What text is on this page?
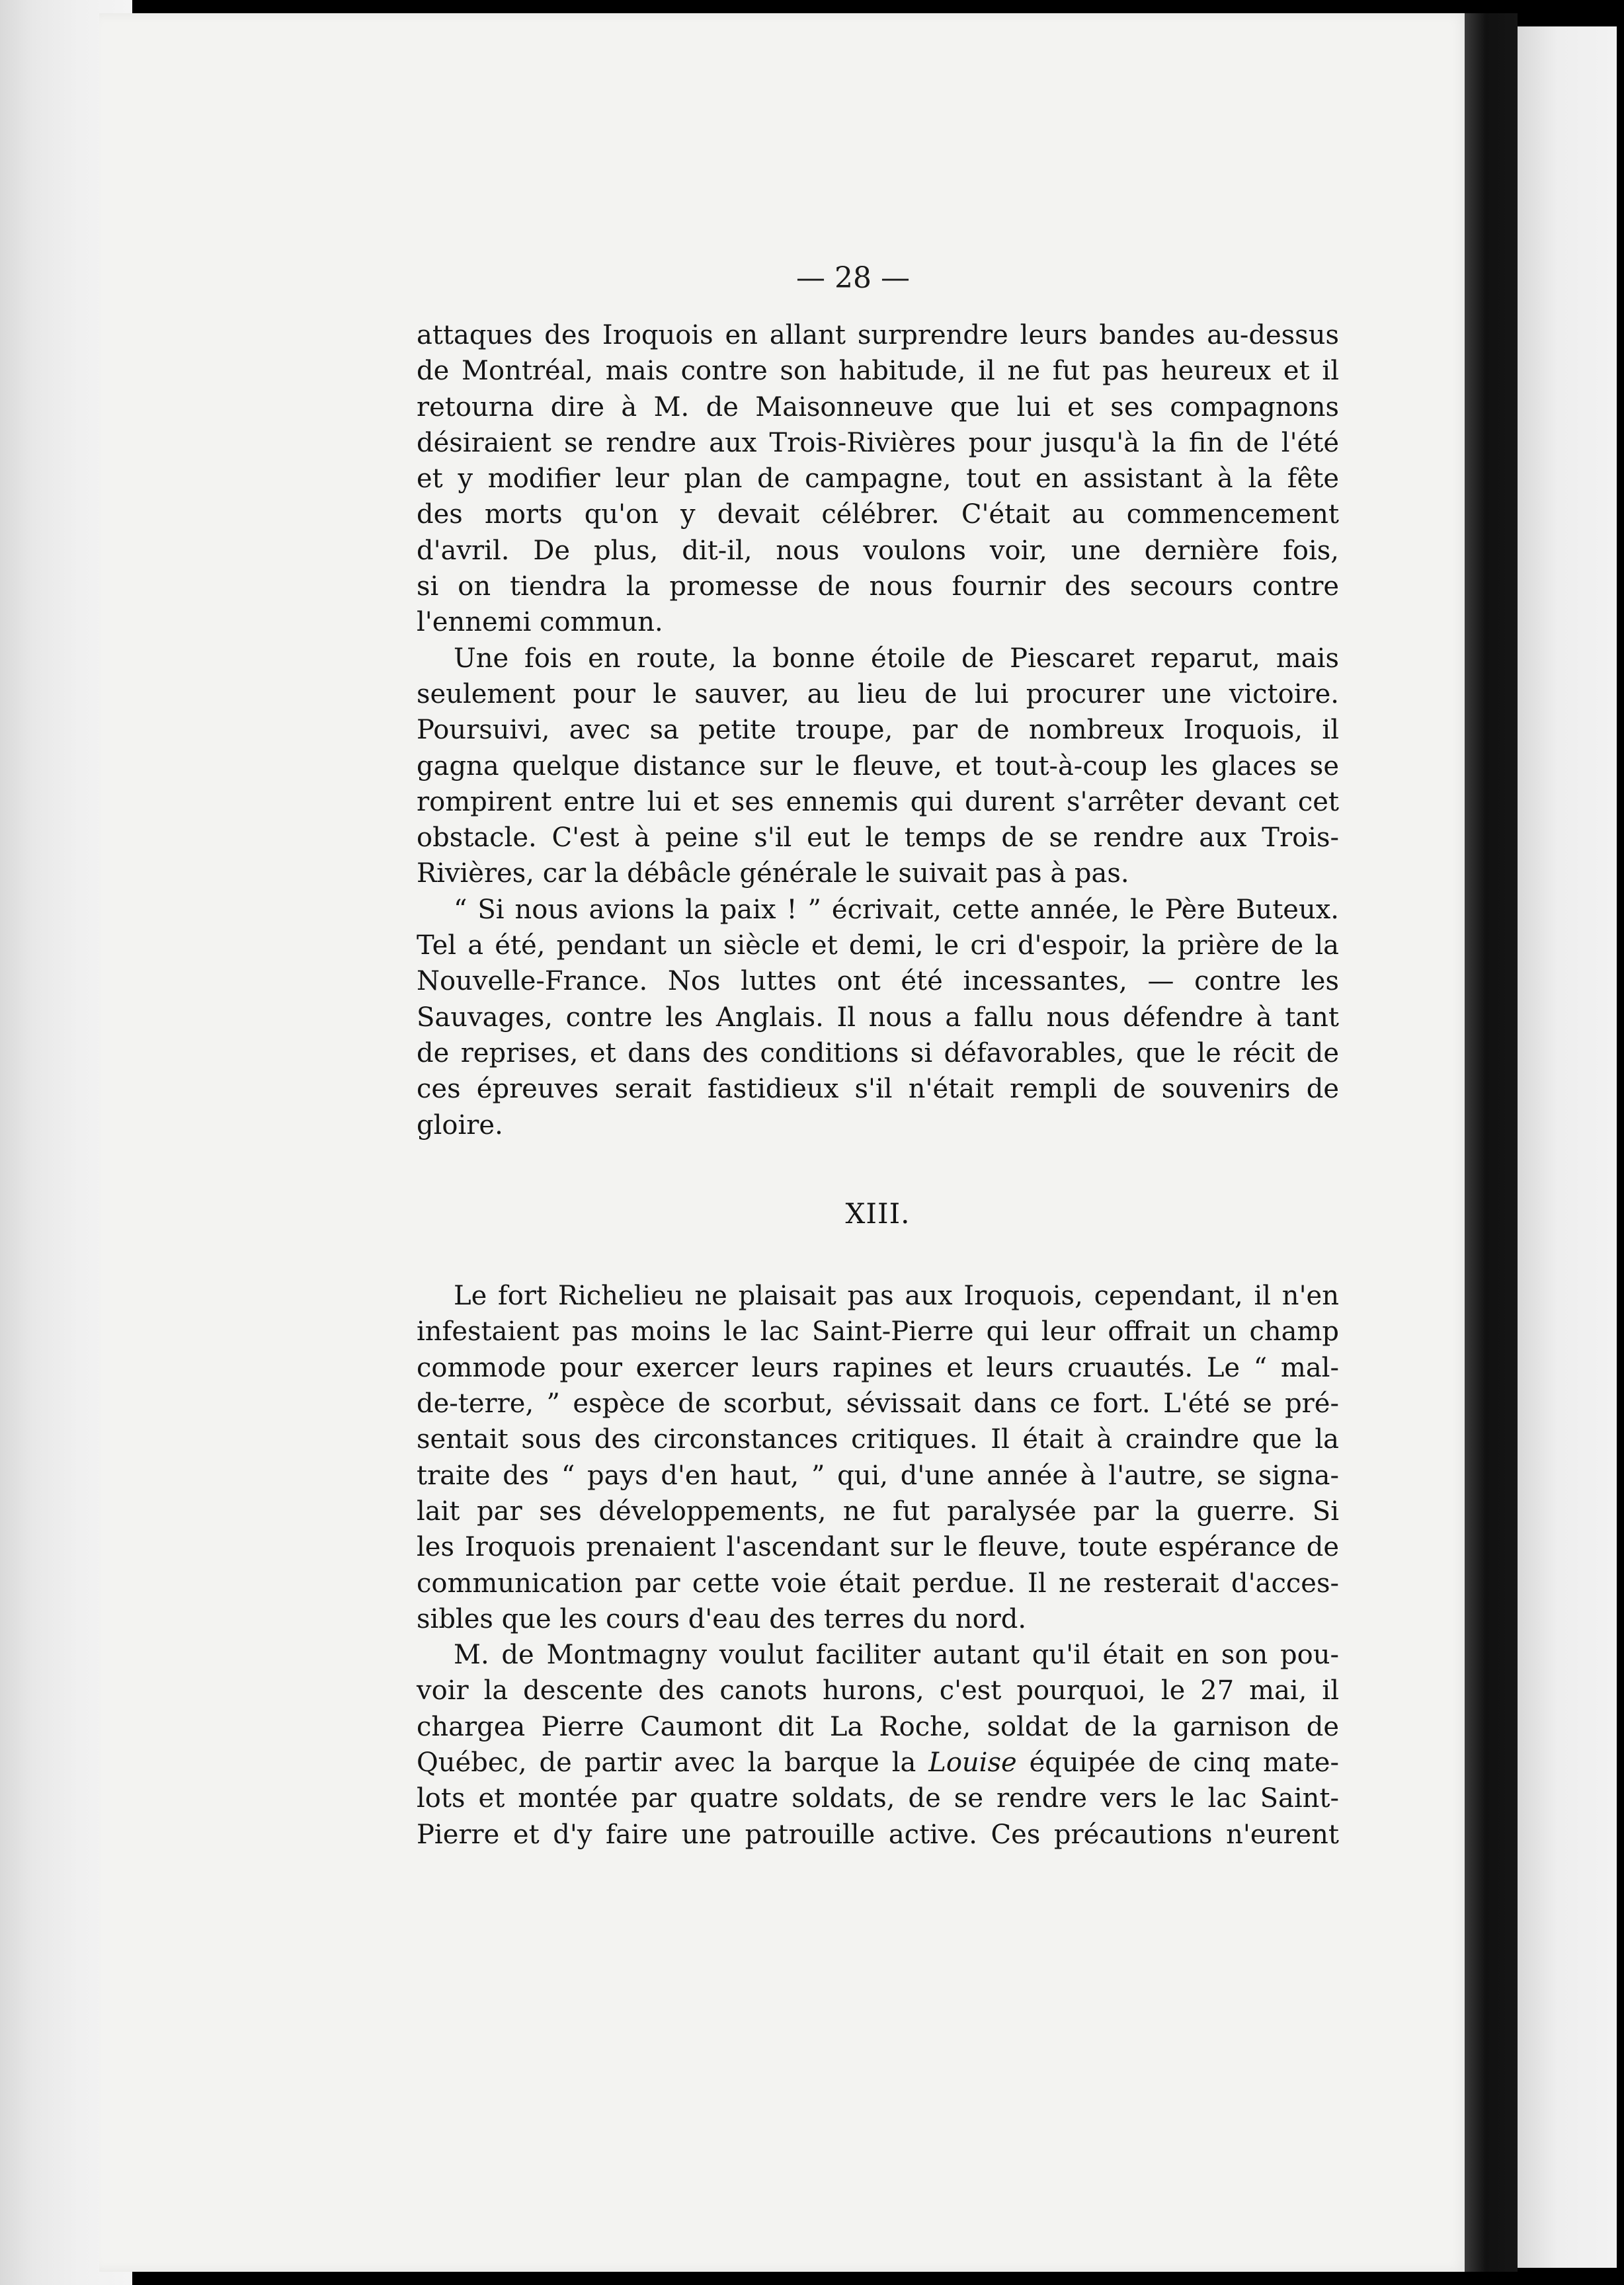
— 28 —
attaques des Iroquois en allant surprendre leurs bandes au-dessus
de Montréal, mais contre son habitude, il ne fut pas heureux et il
retourna dire à M. de Maisonneuve que lui et ses compagnons
désiraient se rendre aux Trois-Rivières pour jusqu'à la fin de l'été
et y modifier leur plan de campagne, tout en assistant à la fête
des morts qu'on y devait célébrer. C'était au commencement
d'avril. De plus, dit-il, nous voulons voir, une dernière fois,
si on tiendra la promesse de nous fournir des secours contre
l'ennemi commun.
Une fois en route, la bonne étoile de Piescaret reparut, mais
seulement pour le sauver, au lieu de lui procurer une victoire.
Poursuivi, avec sa petite troupe, par de nombreux Iroquois, il
gagna quelque distance sur le fleuve, et tout-à-coup les glaces se
rompirent entre lui et ses ennemis qui durent s'arrêter devant cet
obstacle. C'est à peine s'il eut le temps de se rendre aux Trois-
Rivières, car la débâcle générale le suivait pas à pas.
“ Si nous avions la paix ! ” écrivait, cette année, le Père Buteux.
Tel a été, pendant un siècle et demi, le cri d'espoir, la prière de la
Nouvelle-France. Nos luttes ont été incessantes, — contre les
Sauvages, contre les Anglais. Il nous a fallu nous défendre à tant
de reprises, et dans des conditions si défavorables, que le récit de
ces épreuves serait fastidieux s'il n'était rempli de souvenirs de
gloire.
XIII.
Le fort Richelieu ne plaisait pas aux Iroquois, cependant, il n'en
infestaient pas moins le lac Saint-Pierre qui leur offrait un champ
commode pour exercer leurs rapines et leurs cruautés. Le “ mal-
de-terre, ” espèce de scorbut, sévissait dans ce fort. L'été se pré-
sentait sous des circonstances critiques. Il était à craindre que la
traite des “ pays d'en haut, ” qui, d'une année à l'autre, se signa-
lait par ses développements, ne fut paralysée par la guerre. Si
les Iroquois prenaient l'ascendant sur le fleuve, toute espérance de
communication par cette voie était perdue. Il ne resterait d'acces-
sibles que les cours d'eau des terres du nord.
M. de Montmagny voulut faciliter autant qu'il était en son pou-
voir la descente des canots hurons, c'est pourquoi, le 27 mai, il
chargea Pierre Caumont dit La Roche, soldat de la garnison de
Québec, de partir avec la barque la Louise équipée de cinq mate-
lots et montée par quatre soldats, de se rendre vers le lac Saint-
Pierre et d'y faire une patrouille active. Ces précautions n'eurent
